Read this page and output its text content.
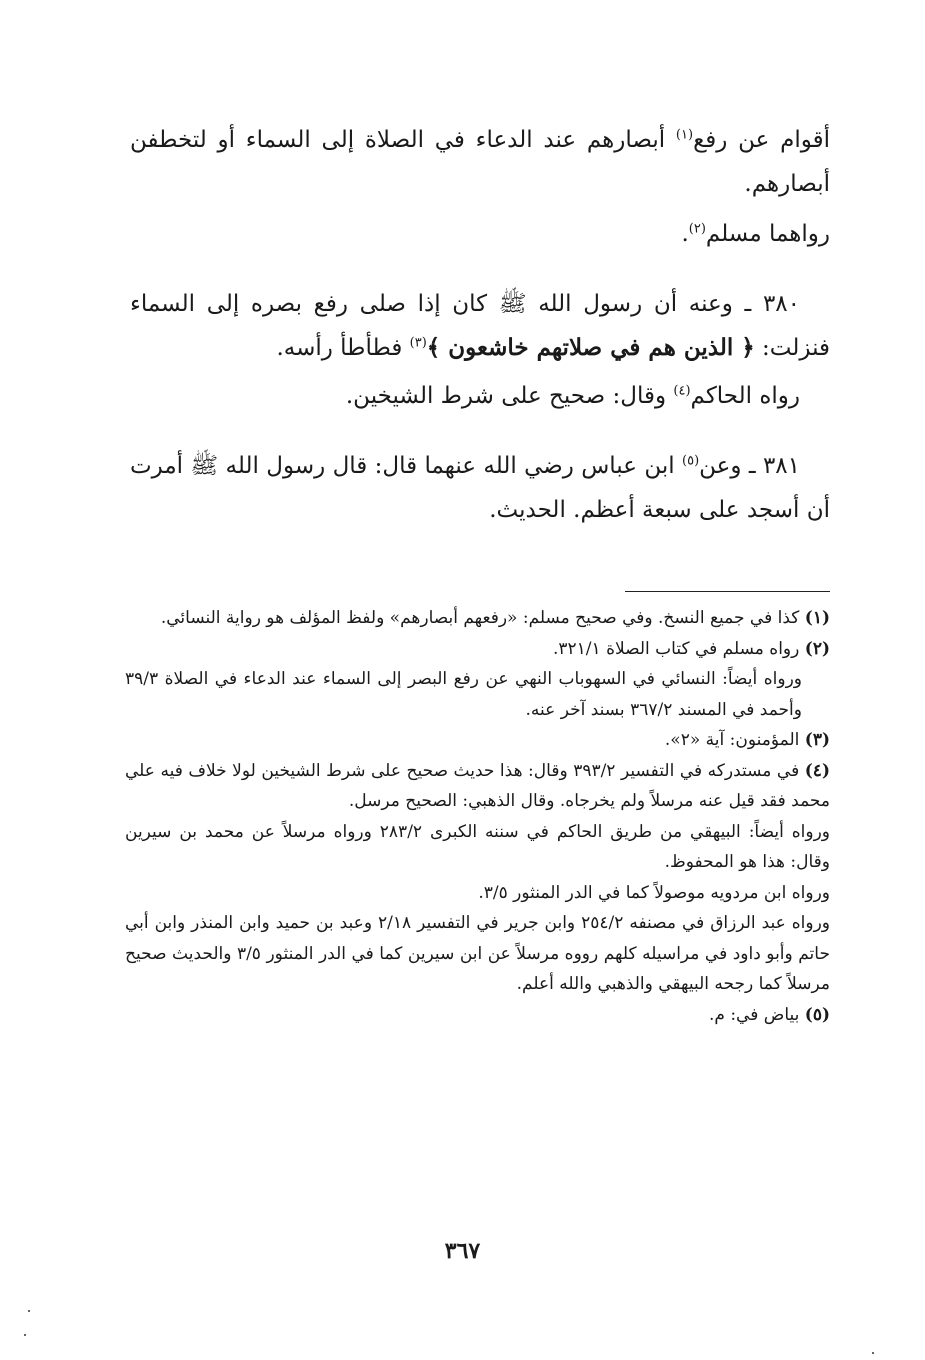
أقوام عن رفع$^{(١)}$ أبصارهم عند الدعاء في الصلاة إلى السماء أو لتخطفن أبصارهم.

رواهما مسلم$^{(٢)}$.

٣٨٠ ـ وعنه أن رسول الله ﷺ كان إذا صلى رفع بصره إلى السماء فنزلت: ﴿ الذين هم في صلاتهم خاشعون ﴾$^{(٣)}$ فطأطأ رأسه.

رواه الحاكم$^{(٤)}$ وقال: صحيح على شرط الشيخين.

٣٨١ ـ وعن$^{(٥)}$ ابن عباس رضي الله عنهما قال: قال رسول الله ﷺ أمرت أن أسجد على سبعة أعظم. الحديث.

(١) كذا في جميع النسخ. وفي صحيح مسلم: «رفعهم أبصارهم» ولفظ المؤلف هو رواية النسائي.

(٢) رواه مسلم في كتاب الصلاة ٣٢١/١.

ورواه أيضاً: النسائي في السهوباب النهي عن رفع البصر إلى السماء عند الدعاء في الصلاة ٣٩/٣ وأحمد في المسند ٣٦٧/٢ بسند آخر عنه.

(٣) المؤمنون: آية «٢».

(٤) في مستدركه في التفسير ٣٩٣/٢ وقال: هذا حديث صحيح على شرط الشيخين لولا خلاف فيه علي محمد فقد قيل عنه مرسلاً ولم يخرجاه. وقال الذهبي: الصحيح مرسل.

ورواه أيضاً: البيهقي من طريق الحاكم في سننه الكبرى ٢٨٣/٢ ورواه مرسلاً عن محمد بن سيرين وقال: هذا هو المحفوظ.

ورواه ابن مردويه موصولاً كما في الدر المنثور ٣/٥.

ورواه عبد الرزاق في مصنفه ٢٥٤/٢ وابن جرير في التفسير ٢/١٨ وعبد بن حميد وابن المنذر وابن أبي حاتم وأبو داود في مراسيله كلهم رووه مرسلاً عن ابن سيرين كما في الدر المنثور ٣/٥ والحديث صحيح مرسلاً كما رجحه البيهقي والذهبي والله أعلم.

(٥) بياض في: م.

٣٦٧
